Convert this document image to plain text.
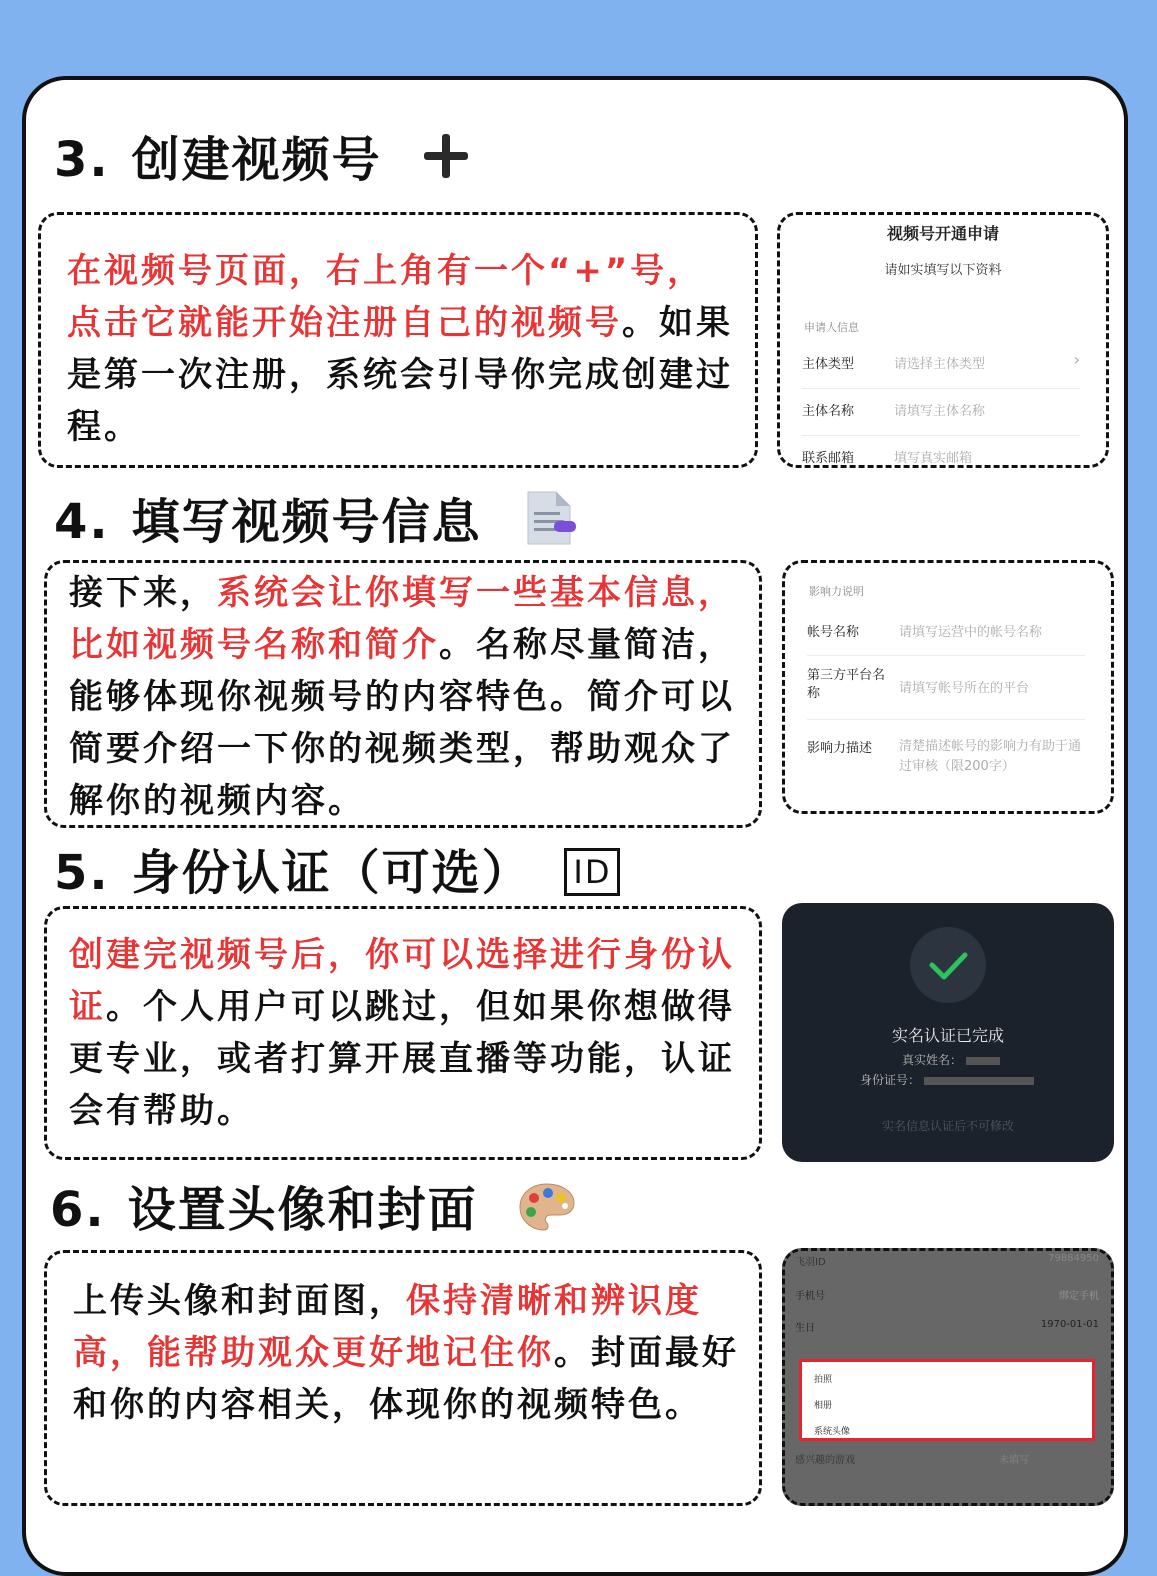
3. 创建视频号
在视频号页面，右上角有一个“+”号，点击它就能开始注册自己的视频号。如果是第一次注册，系统会引导你完成创建过程。
视频号开通申请
请如实填写以下资料
申请人信息
主体类型	请选择主体类型	›
主体名称	请填写主体名称
联系邮箱	填写真实邮箱
4. 填写视频号信息
接下来，系统会让你填写一些基本信息，比如视频号名称和简介。名称尽量简洁，能够体现你视频号的内容特色。简介可以简要介绍一下你的视频类型，帮助观众了解你的视频内容。
影响力说明
帐号名称	请填写运营中的帐号名称
第三方平台名称	请填写帐号所在的平台
影响力描述 清楚描述帐号的影响力有助于通过审核（限200字）
5. 身份认证（可选） ID
创建完视频号后，你可以选择进行身份认证。个人用户可以跳过，但如果你想做得更专业，或者打算开展直播等功能，认证会有帮助。
实名认证已完成
真实姓名：
身份证号：
实名信息认证后不可修改
6. 设置头像和封面
上传头像和封面图，保持清晰和辨识度高，能帮助观众更好地记住你。封面最好和你的内容相关，体现你的视频特色。
飞羽ID	79884950
手机号	绑定手机
生日	1970-01-01
拍照
相册
系统头像
感兴趣的游戏	未填写
